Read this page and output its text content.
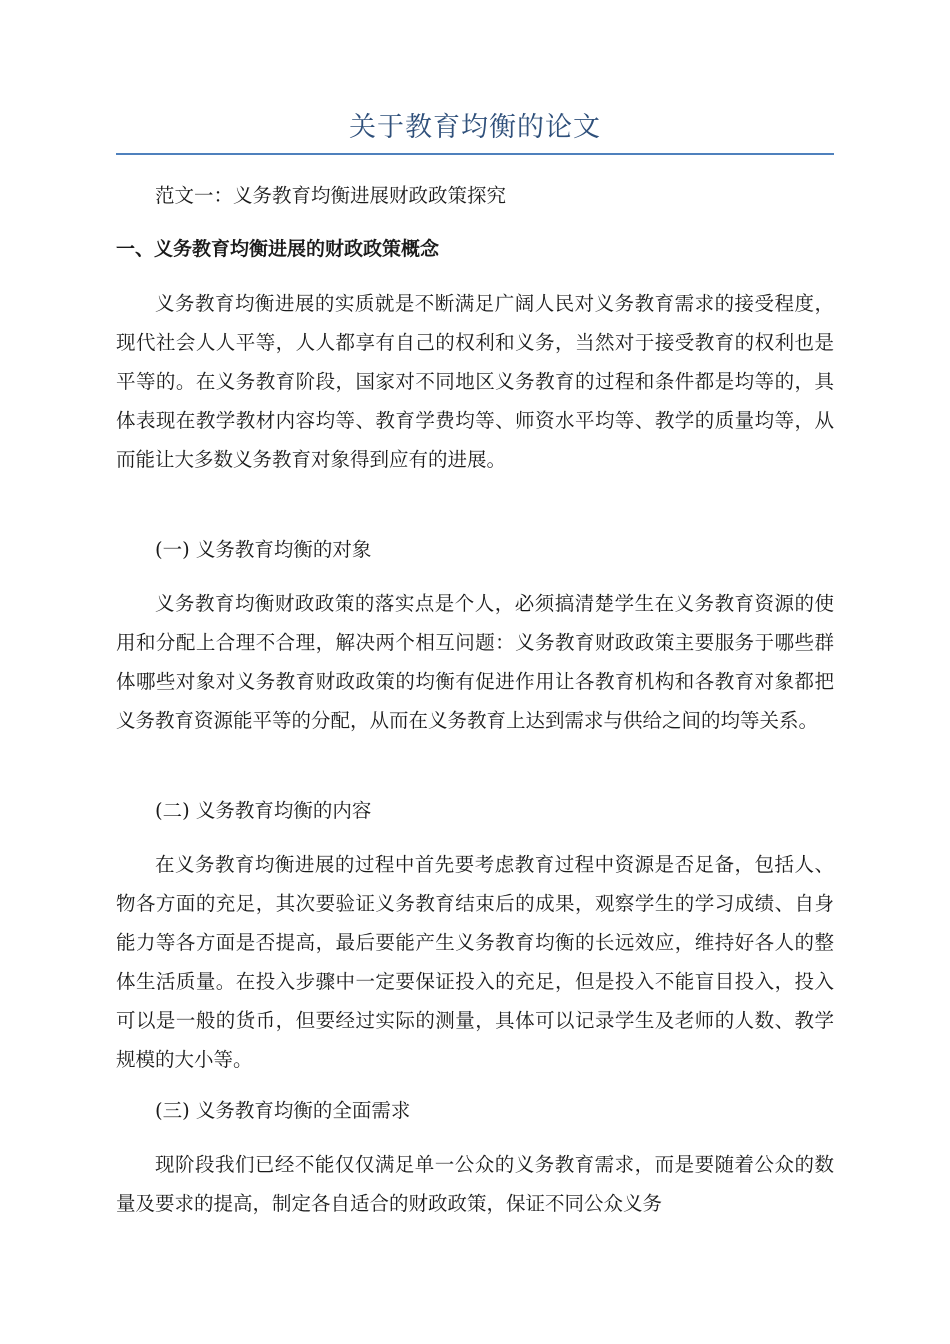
关于教育均衡的论文
范文一：义务教育均衡进展财政政策探究
一、义务教育均衡进展的财政政策概念
义务教育均衡进展的实质就是不断满足广阔人民对义务教育需求的接受程度，现代社会人人平等，人人都享有自己的权利和义务，当然对于接受教育的权利也是平等的。在义务教育阶段，国家对不同地区义务教育的过程和条件都是均等的，具体表现在教学教材内容均等、教育学费均等、师资水平均等、教学的质量均等，从而能让大多数义务教育对象得到应有的进展。
(一) 义务教育均衡的对象
义务教育均衡财政政策的落实点是个人，必须搞清楚学生在义务教育资源的使用和分配上合理不合理，解决两个相互问题：义务教育财政政策主要服务于哪些群体哪些对象对义务教育财政政策的均衡有促进作用让各教育机构和各教育对象都把义务教育资源能平等的分配，从而在义务教育上达到需求与供给之间的均等关系。
(二) 义务教育均衡的内容
在义务教育均衡进展的过程中首先要考虑教育过程中资源是否足备，包括人、物各方面的充足，其次要验证义务教育结束后的成果，观察学生的学习成绩、自身能力等各方面是否提高，最后要能产生义务教育均衡的长远效应，维持好各人的整体生活质量。在投入步骤中一定要保证投入的充足，但是投入不能盲目投入，投入可以是一般的货币，但要经过实际的测量，具体可以记录学生及老师的人数、教学规模的大小等。
(三) 义务教育均衡的全面需求
现阶段我们已经不能仅仅满足单一公众的义务教育需求，而是要随着公众的数量及要求的提高，制定各自适合的财政政策，保证不同公众义务
